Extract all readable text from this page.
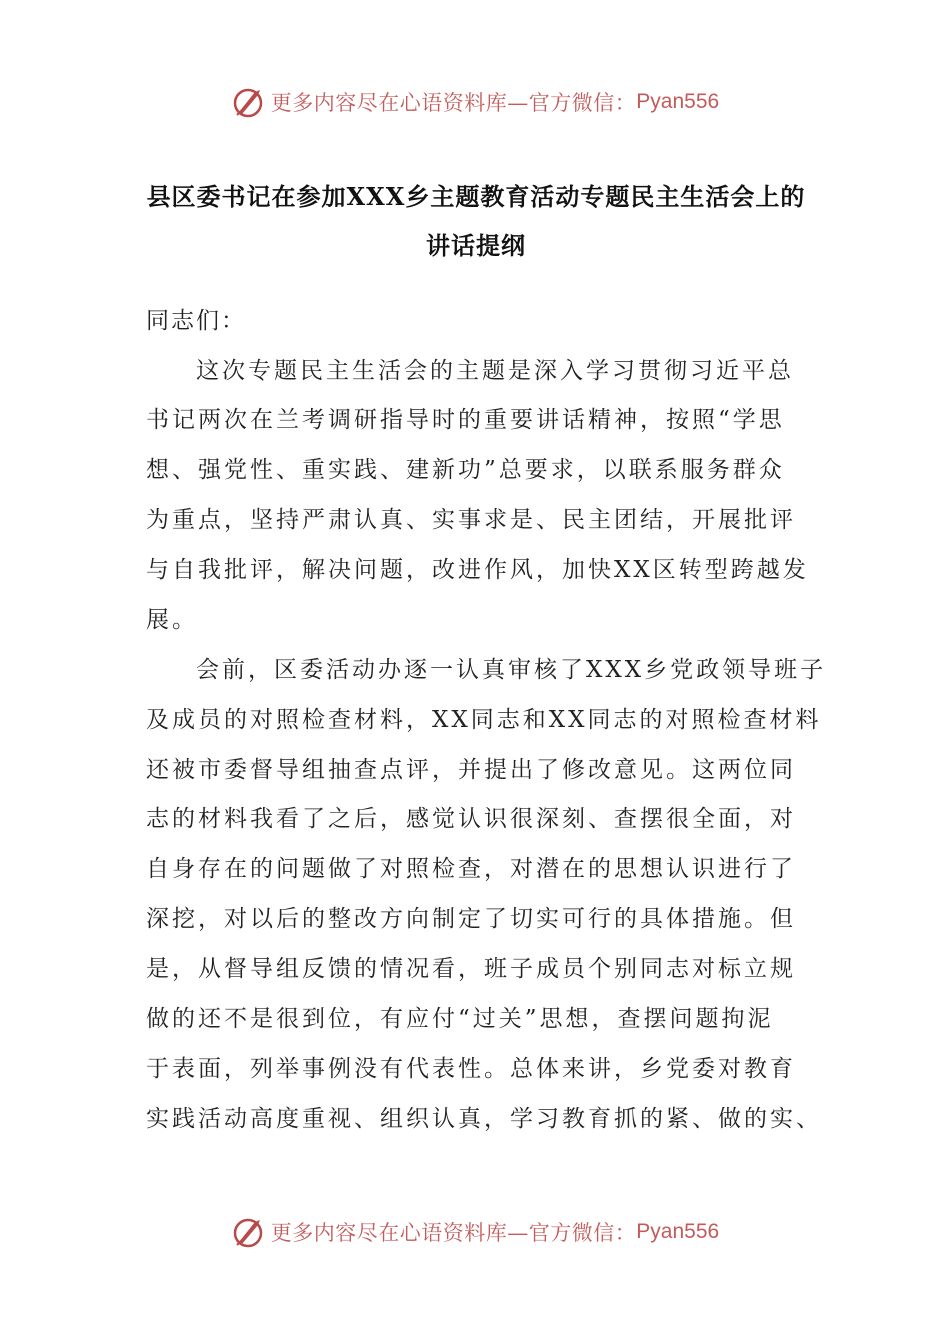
更多内容尽在心语资料库—官方微信： Pyan556
县区委书记在参加XXX乡主题教育活动专题民主生活会上的
讲话提纲
同志们：
这次专题民主生活会的主题是深入学习贯彻习近平总
书记两次在兰考调研指导时的重要讲话精神，按照“学思
想、强党性、重实践、建新功”总要求，以联系服务群众
为重点，坚持严肃认真、实事求是、民主团结，开展批评
与自我批评，解决问题，改进作风，加快XX区转型跨越发
展。
会前，区委活动办逐一认真审核了XXX乡党政领导班子
及成员的对照检查材料，XX同志和XX同志的对照检查材料
还被市委督导组抽查点评，并提出了修改意见。这两位同
志的材料我看了之后，感觉认识很深刻、查摆很全面，对
自身存在的问题做了对照检查，对潜在的思想认识进行了
深挖，对以后的整改方向制定了切实可行的具体措施。但
是，从督导组反馈的情况看，班子成员个别同志对标立规
做的还不是很到位，有应付“过关”思想，查摆问题拘泥
于表面，列举事例没有代表性。总体来讲，乡党委对教育
实践活动高度重视、组织认真，学习教育抓的紧、做的实、
更多内容尽在心语资料库—官方微信： Pyan556
